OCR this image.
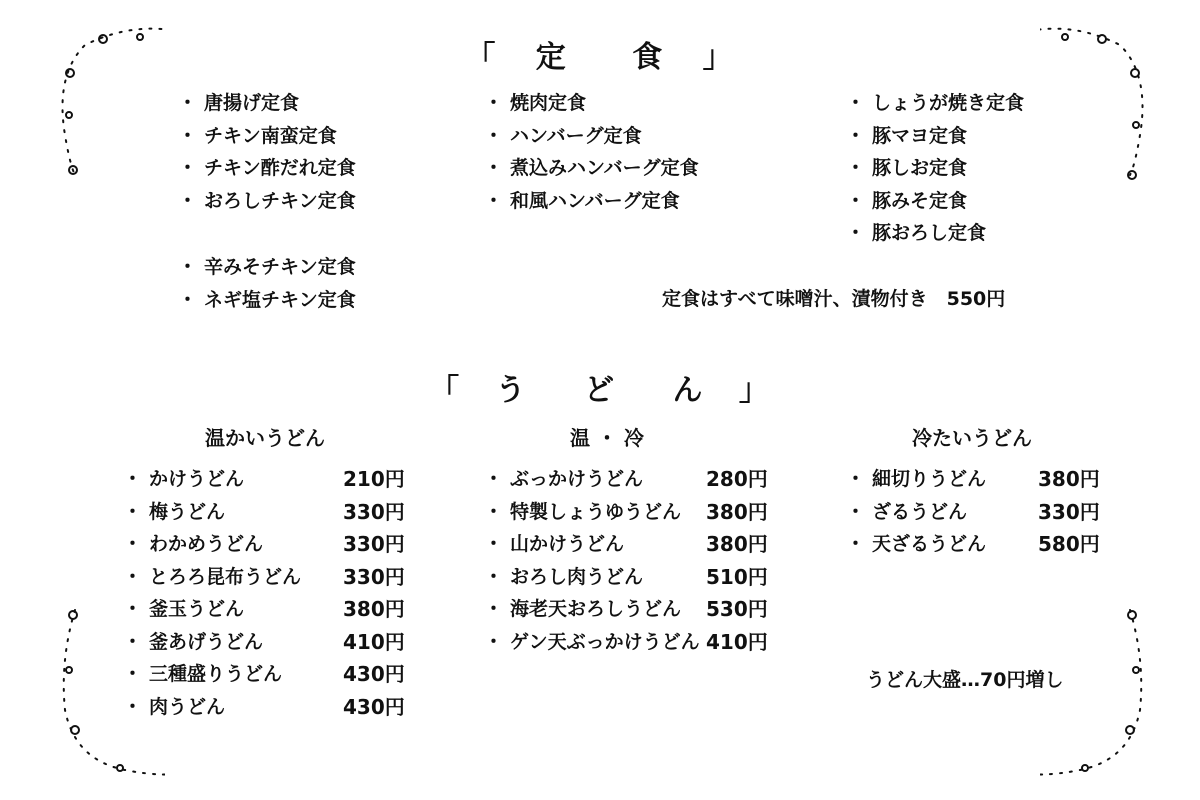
「 定 食 」
・ 唐揚げ定食
・ チキン南蛮定食
・ チキン酢だれ定食
・ おろしチキン定食
・ 辛みそチキン定食
・ ネギ塩チキン定食
・ 焼肉定食
・ ハンバーグ定食
・ 煮込みハンバーグ定食
・ 和風ハンバーグ定食
・ しょうが焼き定食
・ 豚マヨ定食
・ 豚しお定食
・ 豚みそ定食
・ 豚おろし定食
定食はすべて味噌汁、漬物付き　550円
「 う ど ん 」
温かいうどん	温 ・ 冷	冷たいうどん
・ かけうどん
・ 梅うどん
・ わかめうどん
・ とろろ昆布うどん
・ 釜玉うどん
・ 釜あげうどん
・ 三種盛りうどん
・ 肉うどん
210円
330円
330円
330円
380円
410円
430円
430円
・ ぶっかけうどん
・ 特製しょうゆうどん
・ 山かけうどん
・ おろし肉うどん
・ 海老天おろしうどん
・ ゲン天ぶっかけうどん
280円
380円
380円
510円
530円
410円
・ 細切りうどん
・ ざるうどん
・ 天ざるうどん
380円
330円
580円
うどん大盛…70円増し
